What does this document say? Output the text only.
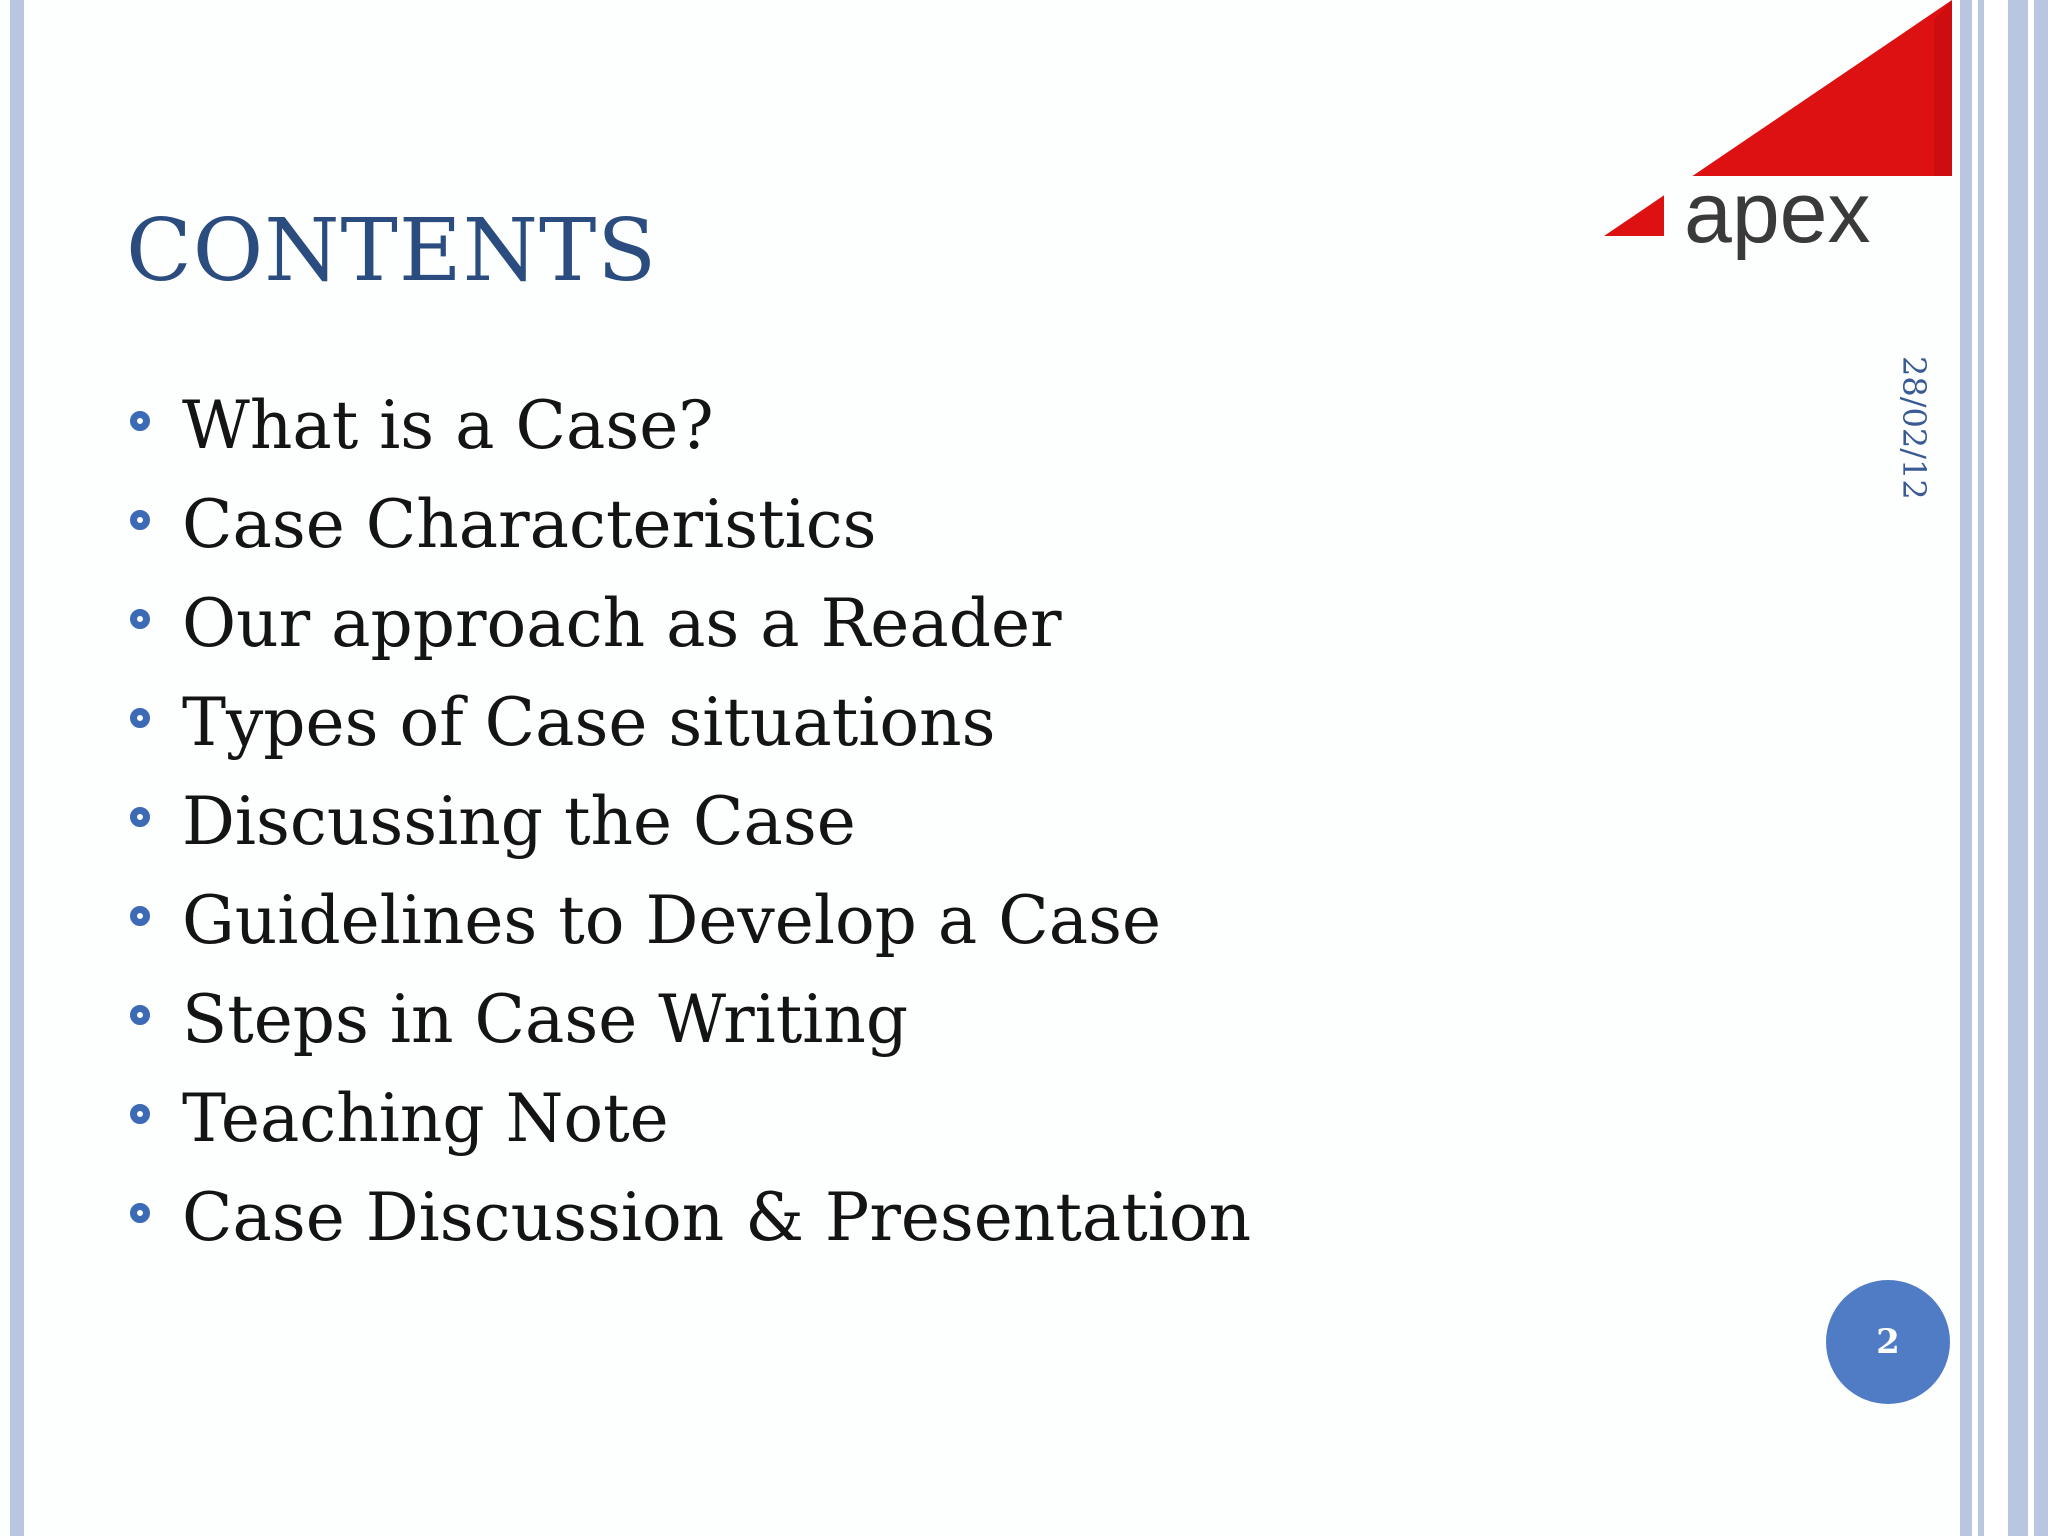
CONTENTS	apex
28/02/12
What is a Case?
Case Characteristics
Our approach as a Reader
Types of Case situations
Discussing the Case
Guidelines to Develop a Case
Steps in Case Writing
Teaching Note
Case Discussion & Presentation
2
